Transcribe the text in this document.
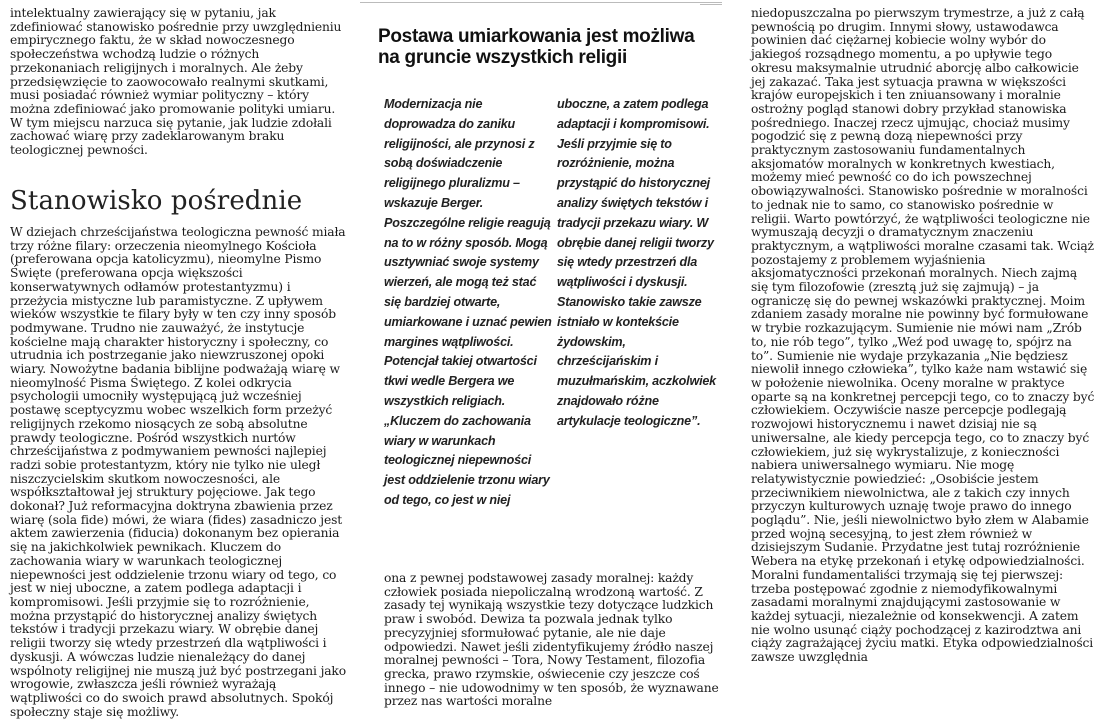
intelektualny zawierający się w pytaniu, jak zdefiniować stanowisko pośrednie przy uwzględnieniu empirycznego faktu, że w skład nowoczesnego społeczeństwa wchodzą ludzie o różnych przekonaniach religijnych i moralnych. Ale żeby przedsięwzięcie to zaowocowało realnymi skutkami, musi posiadać również wymiar polityczny – który można zdefiniować jako promowanie polityki umiaru. W tym miejscu narzuca się pytanie, jak ludzie zdołali zachować wiarę przy zadeklarowanym braku teologicznej pewności.

Stanowisko pośrednie

W dziejach chrześcijaństwa teologiczna pewność miała trzy różne filary: orzeczenia nieomylnego Kościoła (preferowana opcja katolicyzmu), nieomylne Pismo Święte (preferowana opcja większości konserwatywnych odłamów protestantyzmu) i przeżycia mistyczne lub paramistyczne. Z upływem wieków wszystkie te filary były w ten czy inny sposób podmywane. Trudno nie zauważyć, że instytucje kościelne mają charakter historyczny i społeczny, co utrudnia ich postrzeganie jako niewzruszonej opoki wiary. Nowożytne badania biblijne podważają wiarę w nieomylność Pisma Świętego. Z kolei odkrycia psychologii umocniły występującą już wcześniej postawę sceptycyzmu wobec wszelkich form przeżyć religijnych rzekomo niosących ze sobą absolutne prawdy teologiczne. Pośród wszystkich nurtów chrześcijaństwa z podmywaniem pewności najlepiej radzi sobie protestantyzm, który nie tylko nie uległ niszczycielskim skutkom nowoczesności, ale współkształtował jej struktury pojęciowe. Jak tego dokonał? Już reformacyjna doktryna zbawienia przez wiarę (sola fide) mówi, że wiara (fides) zasadniczo jest aktem zawierzenia (fiducia) dokonanym bez opierania się na jakichkolwiek pewnikach. Kluczem do zachowania wiary w warunkach teologicznej niepewności jest oddzielenie trzonu wiary od tego, co jest w niej uboczne, a zatem podlega adaptacji i kompromisowi. Jeśli przyjmie się to rozróżnienie, można przystąpić do historycznej analizy świętych tekstów i tradycji przekazu wiary. W obrębie danej religii tworzy się wtedy przestrzeń dla wątpliwości i dyskusji. A wówczas ludzie nienależący do danej wspólnoty religijnej nie muszą już być postrzegani jako wrogowie, zwłaszcza jeśli również wyrażają wątpliwości co do swoich prawd absolutnych. Spokój społeczny staje się możliwy.

Postawa umiarkowania jest możliwa na gruncie wszystkich religii

Modernizacja nie doprowadza do zaniku religijności, ale przynosi z sobą doświadczenie religijnego pluralizmu – wskazuje Berger. Poszczególne religie reagują na to w różny sposób. Mogą usztywniać swoje systemy wierzeń, ale mogą też stać się bardziej otwarte, umiarkowane i uznać pewien margines wątpliwości. Potencjał takiej otwartości tkwi wedle Bergera we wszystkich religiach. „Kluczem do zachowania wiary w warunkach teologicznej niepewności jest oddzielenie trzonu wiary od tego, co jest w niej

uboczne, a zatem podlega adaptacji i kompromisowi. Jeśli przyjmie się to rozróżnienie, można przystąpić do historycznej analizy świętych tekstów i tradycji przekazu wiary. W obrębie danej religii tworzy się wtedy przestrzeń dla wątpliwości i dyskusji. Stanowisko takie zawsze istniało w kontekście żydowskim, chrześcijańskim i muzułmańskim, aczkolwiek znajdowało różne artykulacje teologiczne”.

ona z pewnej podstawowej zasady moralnej: każdy człowiek posiada niepoliczalną wrodzoną wartość. Z zasady tej wynikają wszystkie tezy dotyczące ludzkich praw i swobód. Dewiza ta pozwala jednak tylko precyzyjniej sformułować pytanie, ale nie daje odpowiedzi. Nawet jeśli zidentyfikujemy źródło naszej moralnej pewności – Tora, Nowy Testament, filozofia grecka, prawo rzymskie, oświecenie czy jeszcze coś innego – nie udowodnimy w ten sposób, że wyznawane przez nas wartości moralne

niedopuszczalna po pierwszym trymestrze, a już z całą pewnością po drugim. Innymi słowy, ustawodawca powinien dać ciężarnej kobiecie wolny wybór do jakiegoś rozsądnego momentu, a po upływie tego okresu maksymalnie utrudnić aborcję albo całkowicie jej zakazać. Taka jest sytuacja prawna w większości krajów europejskich i ten zniuansowany i moralnie ostrożny pogląd stanowi dobry przykład stanowiska pośredniego. Inaczej rzecz ujmując, chociaż musimy pogodzić się z pewną dozą niepewności przy praktycznym zastosowaniu fundamentalnych aksjomatów moralnych w konkretnych kwestiach, możemy mieć pewność co do ich powszechnej obowiązywalności. Stanowisko pośrednie w moralności to jednak nie to samo, co stanowisko pośrednie w religii. Warto powtórzyć, że wątpliwości teologiczne nie wymuszają decyzji o dramatycznym znaczeniu praktycznym, a wątpliwości moralne czasami tak. Wciąż pozostajemy z problemem wyjaśnienia aksjomatyczności przekonań moralnych. Niech zajmą się tym filozofowie (zresztą już się zajmują) – ja ograniczę się do pewnej wskazówki praktycznej. Moim zdaniem zasady moralne nie powinny być formułowane w trybie rozkazującym. Sumienie nie mówi nam „Zrób to, nie rób tego”, tylko „Weź pod uwagę to, spójrz na to”. Sumienie nie wydaje przykazania „Nie będziesz niewolił innego człowieka”, tylko każe nam wstawić się w położenie niewolnika. Oceny moralne w praktyce oparte są na konkretnej percepcji tego, co to znaczy być człowiekiem. Oczywiście nasze percepcje podlegają rozwojowi historycznemu i nawet dzisiaj nie są uniwersalne, ale kiedy percepcja tego, co to znaczy być człowiekiem, już się wykrystalizuje, z konieczności nabiera uniwersalnego wymiaru. Nie mogę relatywistycznie powiedzieć: „Osobiście jestem przeciwnikiem niewolnictwa, ale z takich czy innych przyczyn kulturowych uznaję twoje prawo do innego poglądu”. Nie, jeśli niewolnictwo było złem w Alabamie przed wojną secesyjną, to jest złem również w dzisiejszym Sudanie. Przydatne jest tutaj rozróżnienie Webera na etykę przekonań i etykę odpowiedzialności. Moralni fundamentaliści trzymają się tej pierwszej: trzeba postępować zgodnie z niemodyfikowalnymi zasadami moralnymi znajdującymi zastosowanie w każdej sytuacji, niezależnie od konsekwencji. A zatem nie wolno usunąć ciąży pochodzącej z kazirodztwa ani ciąży zagrażającej życiu matki. Etyka odpowiedzialności zawsze uwzględnia
